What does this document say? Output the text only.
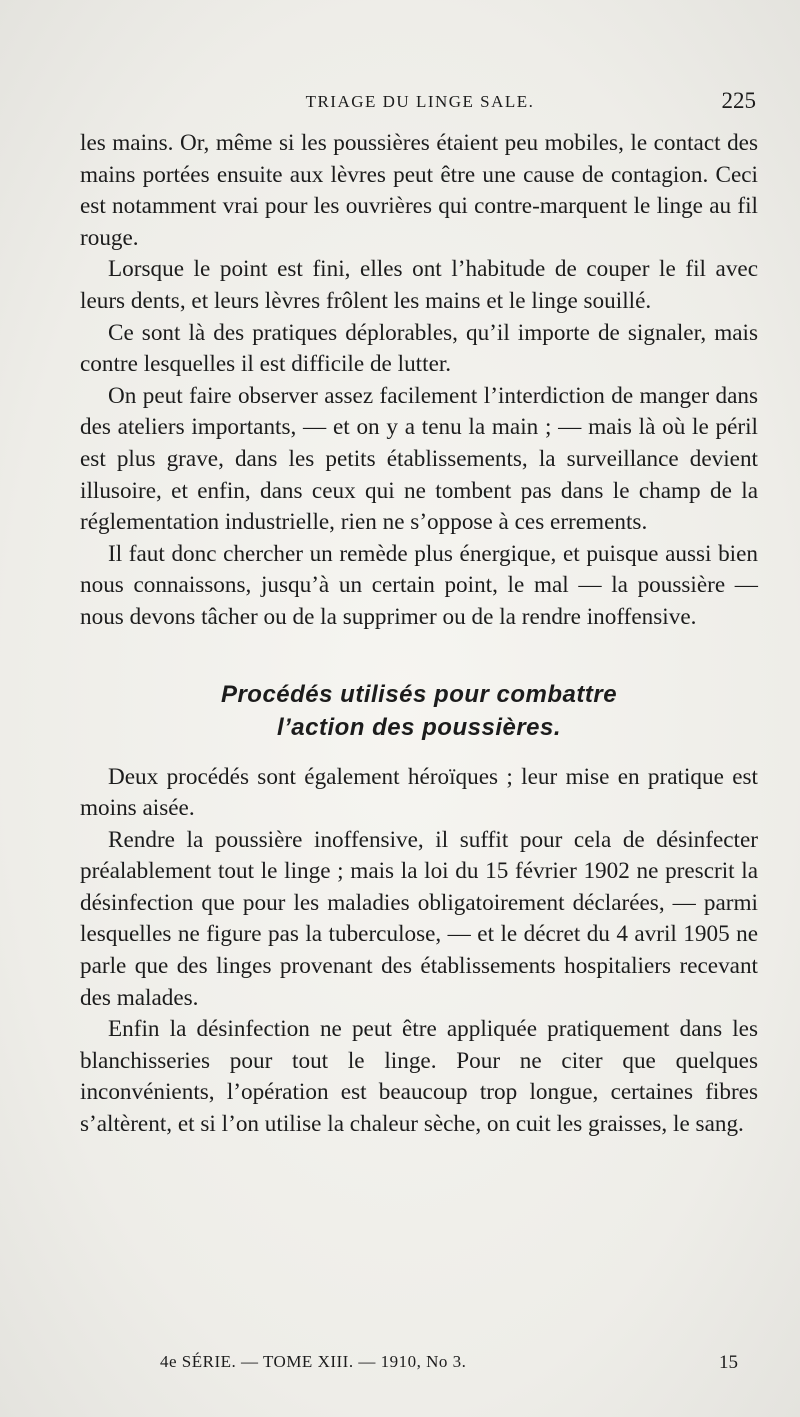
TRIAGE DU LINGE SALE.	225

les mains. Or, même si les poussières étaient peu mobiles, le contact des mains portées ensuite aux lèvres peut être une cause de contagion. Ceci est notamment vrai pour les ouvrières qui contre-marquent le linge au fil rouge.

Lorsque le point est fini, elles ont l’habitude de couper le fil avec leurs dents, et leurs lèvres frôlent les mains et le linge souillé.

Ce sont là des pratiques déplorables, qu’il importe de signaler, mais contre lesquelles il est difficile de lutter.

On peut faire observer assez facilement l’interdiction de manger dans des ateliers importants, — et on y a tenu la main ; — mais là où le péril est plus grave, dans les petits établissements, la surveillance devient illusoire, et enfin, dans ceux qui ne tombent pas dans le champ de la réglementation industrielle, rien ne s’oppose à ces errements.

Il faut donc chercher un remède plus énergique, et puisque aussi bien nous connaissons, jusqu’à un certain point, le mal — la poussière — nous devons tâcher ou de la supprimer ou de la rendre inoffensive.

Procédés utilisés pour combattre
l’action des poussières.

Deux procédés sont également héroïques ; leur mise en pratique est moins aisée.

Rendre la poussière inoffensive, il suffit pour cela de désinfecter préalablement tout le linge ; mais la loi du 15 février 1902 ne prescrit la désinfection que pour les maladies obligatoirement déclarées, — parmi lesquelles ne figure pas la tuberculose, — et le décret du 4 avril 1905 ne parle que des linges provenant des établissements hospitaliers recevant des malades.

Enfin la désinfection ne peut être appliquée pratiquement dans les blanchisseries pour tout le linge. Pour ne citer que quelques inconvénients, l’opération est beaucoup trop longue, certaines fibres s’altèrent, et si l’on utilise la chaleur sèche, on cuit les graisses, le sang.

4e SÉRIE. — TOME XIII. — 1910, No 3.	15
